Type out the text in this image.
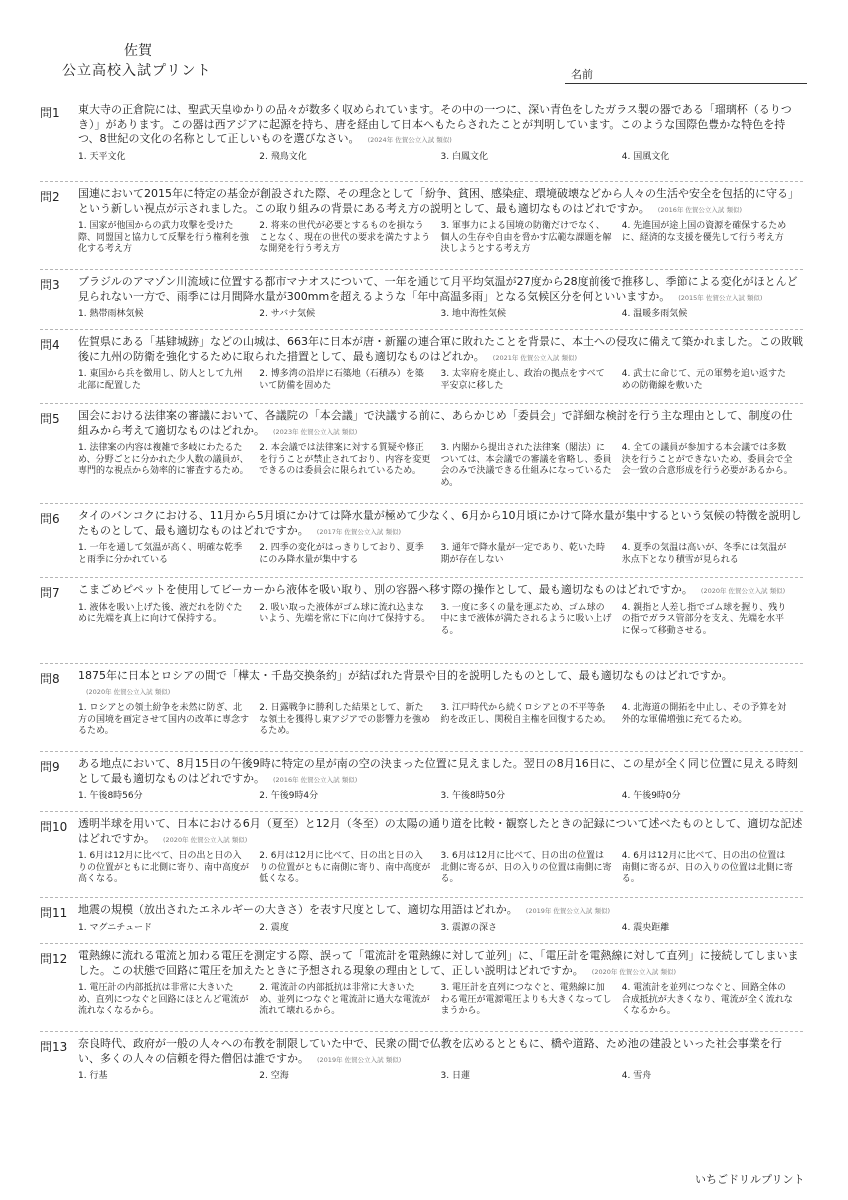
佐賀
公立高校入試プリント	名前
問1	東大寺の正倉院には、聖武天皇ゆかりの品々が数多く収められています。その中の一つに、深い青色をしたガラス製の器である「瑠璃杯（るりつき）」があります。この器は西アジアに起源を持ち、唐を経由して日本へもたらされたことが判明しています。このような国際色豊かな特色を持つ、8世紀の文化の名称として正しいものを選びなさい。 (2024年 佐賀公立入試 類似)
1. 天平文化	2. 飛鳥文化	3. 白鳳文化	4. 国風文化
問2	国連において2015年に特定の基金が創設された際、その理念として「紛争、貧困、感染症、環境破壊などから人々の生活や安全を包括的に守る」という新しい視点が示されました。この取り組みの背景にある考え方の説明として、最も適切なものはどれですか。 (2016年 佐賀公立入試 類似)
1. 国家が他国からの武力攻撃を受けた際、同盟国と協力して反撃を行う権利を強化する考え方
2. 将来の世代が必要とするものを損なうことなく、現在の世代の要求を満たすような開発を行う考え方
3. 軍事力による国境の防衛だけでなく、個人の生存や自由を脅かす広範な課題を解決しようとする考え方
4. 先進国が途上国の資源を確保するために、経済的な支援を優先して行う考え方
問3	ブラジルのアマゾン川流域に位置する都市マナオスについて、一年を通じて月平均気温が27度から28度前後で推移し、季節による変化がほとんど見られない一方で、雨季には月間降水量が300mmを超えるような「年中高温多雨」となる気候区分を何といいますか。 (2015年 佐賀公立入試 類似)
1. 熱帯雨林気候	2. サバナ気候	3. 地中海性気候	4. 温暖多雨気候
問4	佐賀県にある「基肄城跡」などの山城は、663年に日本が唐・新羅の連合軍に敗れたことを背景に、本土への侵攻に備えて築かれました。この敗戦後に九州の防衛を強化するために取られた措置として、最も適切なものはどれか。 (2021年 佐賀公立入試 類似)
1. 東国から兵を徴用し、防人として九州北部に配置した
2. 博多湾の沿岸に石築地（石積み）を築いて防備を固めた
3. 太宰府を廃止し、政治の拠点をすべて平安京に移した
4. 武士に命じて、元の軍勢を追い返すための防衛線を敷いた
問5	国会における法律案の審議において、各議院の「本会議」で決議する前に、あらかじめ「委員会」で詳細な検討を行う主な理由として、制度の仕組みから考えて適切なものはどれか。 (2023年 佐賀公立入試 類似)
1. 法律案の内容は複雑で多岐にわたるため、分野ごとに分かれた少人数の議員が、専門的な視点から効率的に審査するため。
2. 本会議では法律案に対する質疑や修正を行うことが禁止されており、内容を変更できるのは委員会に限られているため。
3. 内閣から提出された法律案（閣法）については、本会議での審議を省略し、委員会のみで決議できる仕組みになっているため。
4. 全ての議員が参加する本会議では多数決を行うことができないため、委員会で全会一致の合意形成を行う必要があるから。
問6	タイのバンコクにおける、11月から5月頃にかけては降水量が極めて少なく、6月から10月頃にかけて降水量が集中するという気候の特徴を説明したものとして、最も適切なものはどれですか。 (2017年 佐賀公立入試 類似)
1. 一年を通して気温が高く、明確な乾季と雨季に分かれている
2. 四季の変化がはっきりしており、夏季にのみ降水量が集中する
3. 通年で降水量が一定であり、乾いた時期が存在しない
4. 夏季の気温は高いが、冬季には気温が氷点下となり積雪が見られる
問7	こまごめピペットを使用してビーカーから液体を吸い取り、別の容器へ移す際の操作として、最も適切なものはどれですか。 (2020年 佐賀公立入試 類似)
1. 液体を吸い上げた後、液だれを防ぐために先端を真上に向けて保持する。
2. 吸い取った液体がゴム球に流れ込まないよう、先端を常に下に向けて保持する。
3. 一度に多くの量を運ぶため、ゴム球の中にまで液体が満たされるように吸い上げる。
4. 親指と人差し指でゴム球を握り、残りの指でガラス管部分を支え、先端を水平に保って移動させる。
問8	1875年に日本とロシアの間で「樺太・千島交換条約」が結ばれた背景や目的を説明したものとして、最も適切なものはどれですか。(2020年 佐賀公立入試 類似)
1. ロシアとの領土紛争を未然に防ぎ、北方の国境を画定させて国内の改革に専念するため。
2. 日露戦争に勝利した結果として、新たな領土を獲得し東アジアでの影響力を強めるため。
3. 江戸時代から続くロシアとの不平等条約を改正し、関税自主権を回復するため。
4. 北海道の開拓を中止し、その予算を対外的な軍備増強に充てるため。
問9	ある地点において、8月15日の午後9時に特定の星が南の空の決まった位置に見えました。翌日の8月16日に、この星が全く同じ位置に見える時刻として最も適切なものはどれですか。 (2016年 佐賀公立入試 類似)
1. 午後8時56分	2. 午後9時4分	3. 午後8時50分	4. 午後9時0分
問10 透明半球を用いて、日本における6月（夏至）と12月（冬至）の太陽の通り道を比較・観察したときの記録について述べたものとして、適切な記述はどれですか。 (2020年 佐賀公立入試 類似)
1. 6月は12月に比べて、日の出と日の入りの位置がともに北側に寄り、南中高度が高くなる。
2. 6月は12月に比べて、日の出と日の入りの位置がともに南側に寄り、南中高度が低くなる。
3. 6月は12月に比べて、日の出の位置は北側に寄るが、日の入りの位置は南側に寄る。
4. 6月は12月に比べて、日の出の位置は南側に寄るが、日の入りの位置は北側に寄る。
問11 地震の規模（放出されたエネルギーの大きさ）を表す尺度として、適切な用語はどれか。 (2019年 佐賀公立入試 類似)
1. マグニチュード	2. 震度	3. 震源の深さ	4. 震央距離
問12 電熱線に流れる電流と加わる電圧を測定する際、誤って「電流計を電熱線に対して並列」に、「電圧計を電熱線に対して直列」に接続してしまいました。この状態で回路に電圧を加えたときに予想される現象の理由として、正しい説明はどれですか。 (2020年 佐賀公立入試 類似)
1. 電圧計の内部抵抗は非常に大きいため、直列につなぐと回路にほとんど電流が流れなくなるから。
2. 電流計の内部抵抗は非常に大きいため、並列につなぐと電流計に過大な電流が流れて壊れるから。
3. 電圧計を直列につなぐと、電熱線に加わる電圧が電源電圧よりも大きくなってしまうから。
4. 電流計を並列につなぐと、回路全体の合成抵抗が大きくなり、電流が全く流れなくなるから。
問13 奈良時代、政府が一般の人々への布教を制限していた中で、民衆の間で仏教を広めるとともに、橋や道路、ため池の建設といった社会事業を行い、多くの人々の信頼を得た僧侶は誰ですか。 (2019年 佐賀公立入試 類似)
1. 行基	2. 空海	3. 日蓮	4. 雪舟
いちごドリルプリント
